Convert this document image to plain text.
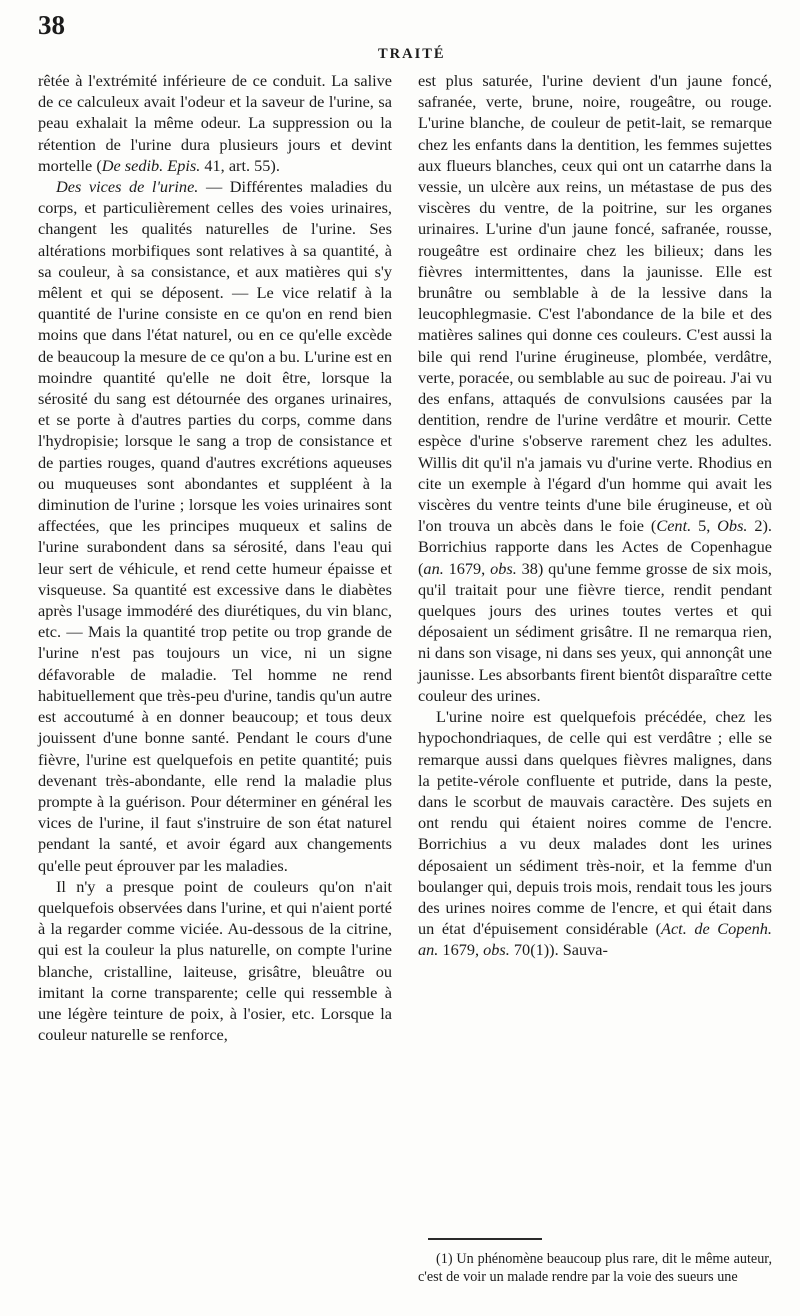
38
TRAITÉ

rêtée à l'extrémité inférieure de ce conduit. La salive de ce calculeux avait l'odeur et la saveur de l'urine, sa peau exhalait la même odeur. La suppression ou la rétention de l'urine dura plusieurs jours et devint mortelle (De sedib. Epis. 41, art. 55).

Des vices de l'urine. — Différentes maladies du corps, et particulièrement celles des voies urinaires, changent les qualités naturelles de l'urine. Ses altérations morbifiques sont relatives à sa quantité, à sa couleur, à sa consistance, et aux matières qui s'y mêlent et qui se déposent. — Le vice relatif à la quantité de l'urine consiste en ce qu'on en rend bien moins que dans l'état naturel, ou en ce qu'elle excède de beaucoup la mesure de ce qu'on a bu. L'urine est en moindre quantité qu'elle ne doit être, lorsque la sérosité du sang est détournée des organes urinaires, et se porte à d'autres parties du corps, comme dans l'hydropisie; lorsque le sang a trop de consistance et de parties rouges, quand d'autres excrétions aqueuses ou muqueuses sont abondantes et suppléent à la diminution de l'urine ; lorsque les voies urinaires sont affectées, que les principes muqueux et salins de l'urine surabondent dans sa sérosité, dans l'eau qui leur sert de véhicule, et rend cette humeur épaisse et visqueuse. Sa quantité est excessive dans le diabètes après l'usage immodéré des diurétiques, du vin blanc, etc. — Mais la quantité trop petite ou trop grande de l'urine n'est pas toujours un vice, ni un signe défavorable de maladie. Tel homme ne rend habituellement que très-peu d'urine, tandis qu'un autre est accoutumé à en donner beaucoup; et tous deux jouissent d'une bonne santé. Pendant le cours d'une fièvre, l'urine est quelquefois en petite quantité; puis devenant très-abondante, elle rend la maladie plus prompte à la guérison. Pour déterminer en général les vices de l'urine, il faut s'instruire de son état naturel pendant la santé, et avoir égard aux changements qu'elle peut éprouver par les maladies.

Il n'y a presque point de couleurs qu'on n'ait quelquefois observées dans l'urine, et qui n'aient porté à la regarder comme viciée. Au-dessous de la citrine, qui est la couleur la plus naturelle, on compte l'urine blanche, cristalline, laiteuse, grisâtre, bleuâtre ou imitant la corne transparente; celle qui ressemble à une légère teinture de poix, à l'osier, etc. Lorsque la couleur naturelle se renforce,

est plus saturée, l'urine devient d'un jaune foncé, safranée, verte, brune, noire, rougeâtre, ou rouge. L'urine blanche, de couleur de petit-lait, se remarque chez les enfants dans la dentition, les femmes sujettes aux flueurs blanches, ceux qui ont un catarrhe dans la vessie, un ulcère aux reins, un métastase de pus des viscères du ventre, de la poitrine, sur les organes urinaires. L'urine d'un jaune foncé, safranée, rousse, rougeâtre est ordinaire chez les bilieux; dans les fièvres intermittentes, dans la jaunisse. Elle est brunâtre ou semblable à de la lessive dans la leucophlegmasie. C'est l'abondance de la bile et des matières salines qui donne ces couleurs. C'est aussi la bile qui rend l'urine érugineuse, plombée, verdâtre, verte, poracée, ou semblable au suc de poireau. J'ai vu des enfans, attaqués de convulsions causées par la dentition, rendre de l'urine verdâtre et mourir. Cette espèce d'urine s'observe rarement chez les adultes. Willis dit qu'il n'a jamais vu d'urine verte. Rhodius en cite un exemple à l'égard d'un homme qui avait les viscères du ventre teints d'une bile érugineuse, et où l'on trouva un abcès dans le foie (Cent. 5, Obs. 2). Borrichius rapporte dans les Actes de Copenhague (an. 1679, obs. 38) qu'une femme grosse de six mois, qu'il traitait pour une fièvre tierce, rendit pendant quelques jours des urines toutes vertes et qui déposaient un sédiment grisâtre. Il ne remarqua rien, ni dans son visage, ni dans ses yeux, qui annonçât une jaunisse. Les absorbants firent bientôt disparaître cette couleur des urines.

L'urine noire est quelquefois précédée, chez les hypochondriaques, de celle qui est verdâtre ; elle se remarque aussi dans quelques fièvres malignes, dans la petite-vérole confluente et putride, dans la peste, dans le scorbut de mauvais caractère. Des sujets en ont rendu qui étaient noires comme de l'encre. Borrichius a vu deux malades dont les urines déposaient un sédiment très-noir, et la femme d'un boulanger qui, depuis trois mois, rendait tous les jours des urines noires comme de l'encre, et qui était dans un état d'épuisement considérable (Act. de Copenh. an. 1679, obs. 70(1)). Sauva-

(1) Un phénomène beaucoup plus rare, dit le même auteur, c'est de voir un malade rendre par la voie des sueurs une
